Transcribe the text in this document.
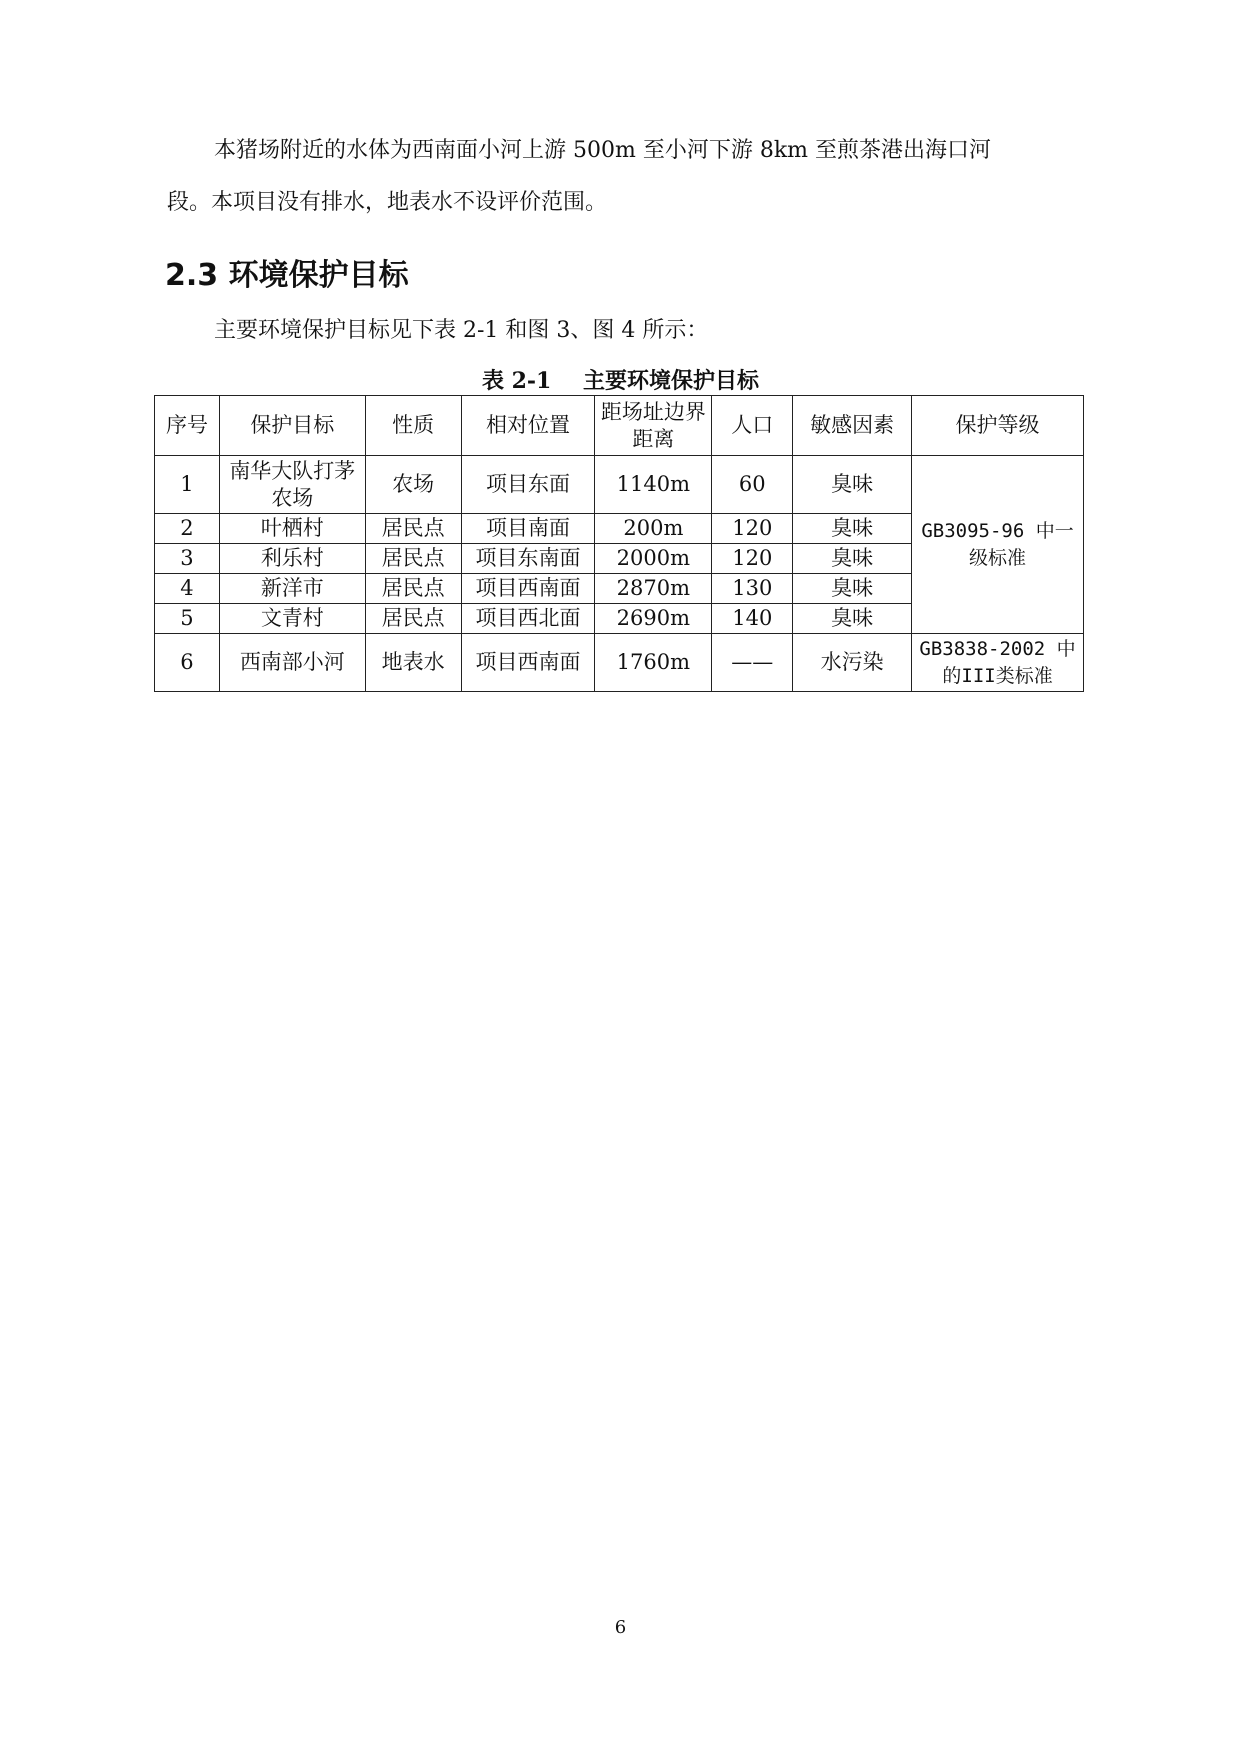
本猪场附近的水体为西南面小河上游 500m 至小河下游 8km 至煎茶港出海口河
段。本项目没有排水，地表水不设评价范围。
2.3 环境保护目标
主要环境保护目标见下表 2-1 和图 3、图 4 所示：
表 2-1 主要环境保护目标
序号	保护目标	性质	相对位置	距场址边界距离	人口	敏感因素	保护等级
1	南华大队打茅农场	农场	项目东面	1140m	60	臭味	GB3095-96 中一级标准
2	叶栖村	居民点	项目南面	200m	120	臭味	
3	利乐村	居民点	项目东南面	2000m	120	臭味	
4	新洋市	居民点	项目西南面	2870m	130	臭味	
5	文青村	居民点	项目西北面	2690m	140	臭味	
6	西南部小河	地表水	项目西南面	1760m	——	水污染	GB3838-2002 中的III类标准
6
